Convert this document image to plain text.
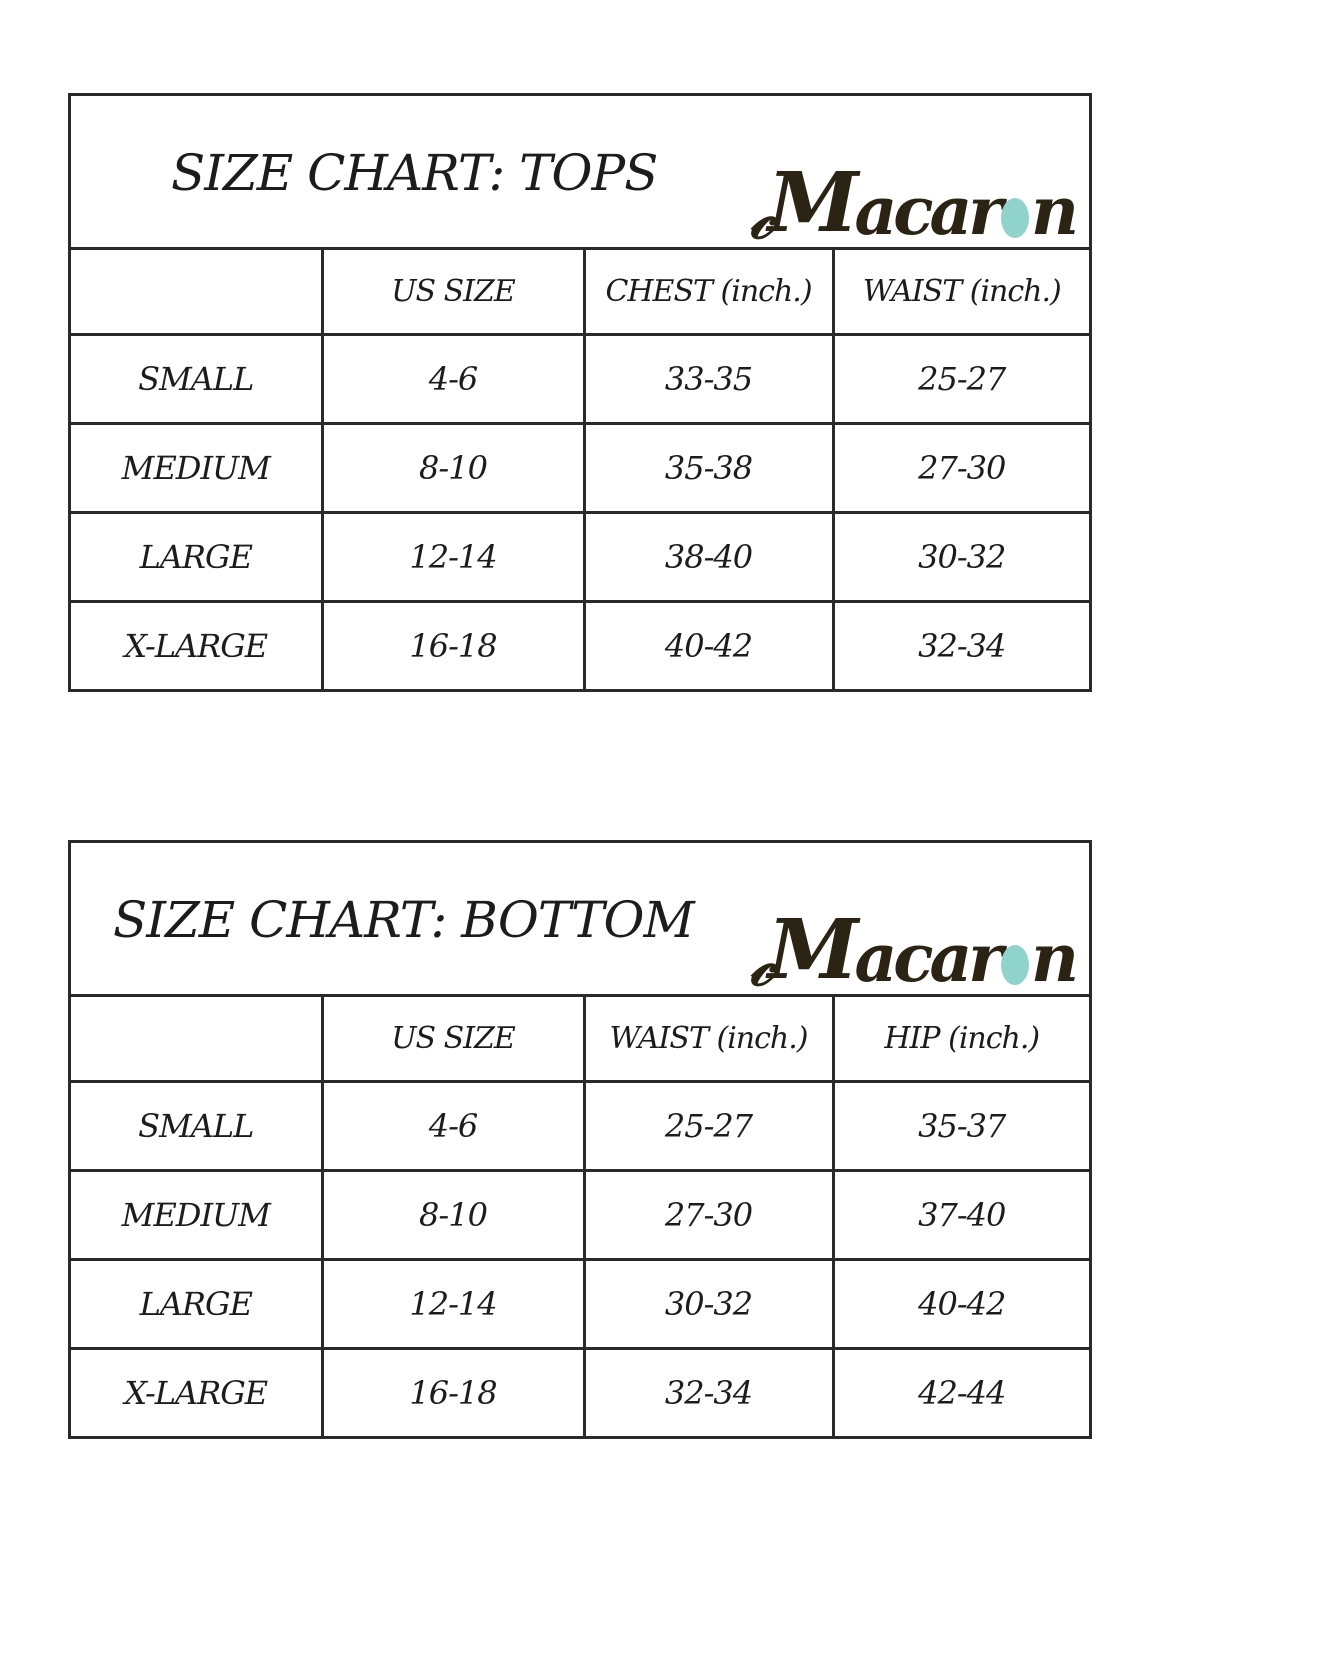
SIZE CHART: TOPS
𝒸
M acar n
	US SIZE	CHEST (inch.)	WAIST (inch.)
SMALL	4-6	33-35	25-27
MEDIUM	8-10	35-38	27-30
LARGE	12-14	38-40	30-32
X-LARGE	16-18	40-42	32-34
SIZE CHART: BOTTOM
𝒸
M acar n
	US SIZE	WAIST (inch.)	HIP (inch.)
SMALL	4-6	25-27	35-37
MEDIUM	8-10	27-30	37-40
LARGE	12-14	30-32	40-42
X-LARGE	16-18	32-34	42-44
